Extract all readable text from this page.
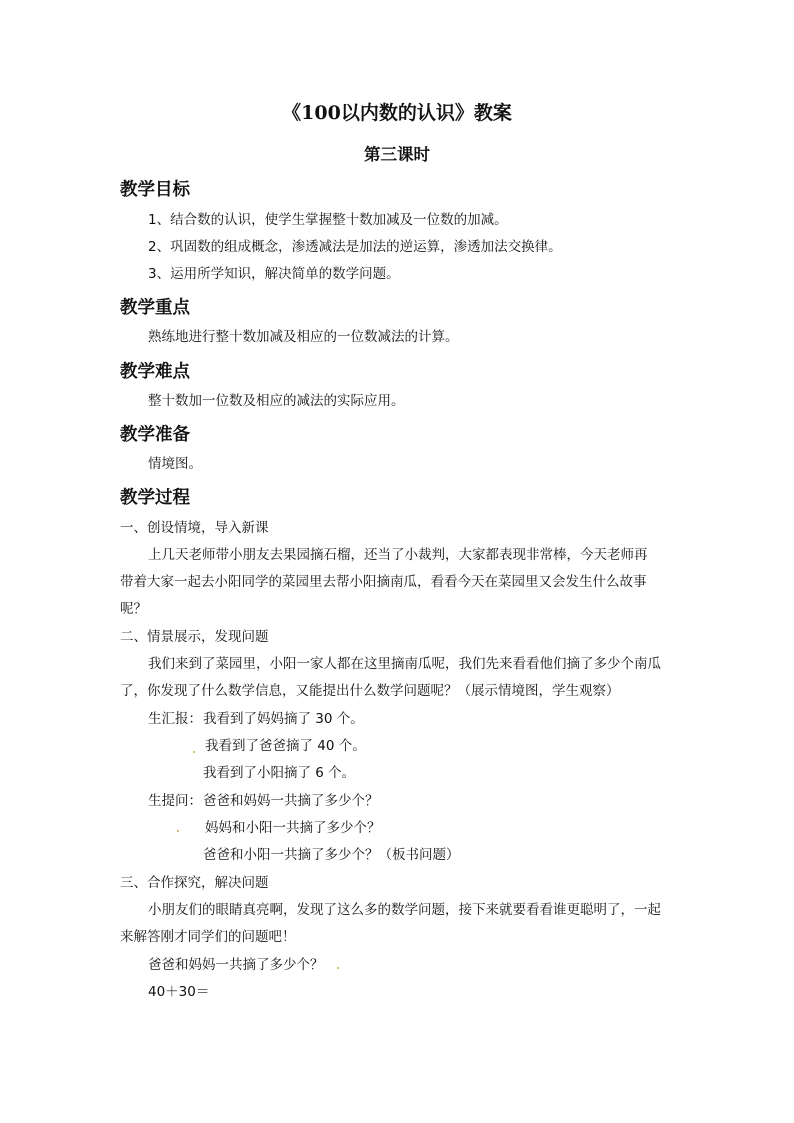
《100以内数的认识》教案
第三课时
教学目标
1、结合数的认识，使学生掌握整十数加减及一位数的加减。
2、巩固数的组成概念，渗透减法是加法的逆运算，渗透加法交换律。
3、运用所学知识，解决简单的数学问题。
教学重点
熟练地进行整十数加减及相应的一位数减法的计算。
教学难点
整十数加一位数及相应的减法的实际应用。
教学准备
情境图。
教学过程
一、创设情境，导入新课
上几天老师带小朋友去果园摘石榴，还当了小裁判，大家都表现非常棒，今天老师再
带着大家一起去小阳同学的菜园里去帮小阳摘南瓜，看看今天在菜园里又会发生什么故事
呢？
二、情景展示，发现问题
我们来到了菜园里，小阳一家人都在这里摘南瓜呢，我们先来看看他们摘了多少个南瓜
了，你发现了什么数学信息，又能提出什么数学问题呢？（展示情境图，学生观察）
生汇报： 我看到了妈妈摘了 30 个。
我看到了爸爸摘了 40 个。
我看到了小阳摘了 6 个。
生提问： 爸爸和妈妈一共摘了多少个？
妈妈和小阳一共摘了多少个？
爸爸和小阳一共摘了多少个？（板书问题）
三、合作探究，解决问题
小朋友们的眼睛真亮啊，发现了这么多的数学问题，接下来就要看看谁更聪明了，一起
来解答刚才同学们的问题吧！
爸爸和妈妈一共摘了多少个？
40＋30＝
